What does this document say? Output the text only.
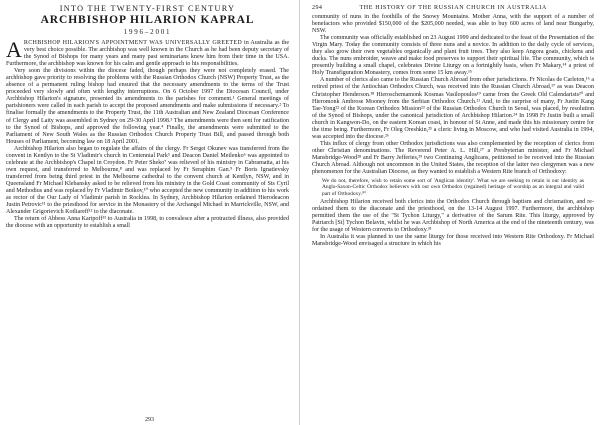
INTO THE TWENTY-FIRST CENTURY
ARCHBISHOP HILARION KAPRAL
1996–2001

ARCHBISHOP HILARION'S APPOINTMENT WAS UNIVERSALLY GREETED in Australia as the very best choice possible. The archbishop was well known in the Church as he had been deputy secretary of the Synod of Bishops for many years and many past seminarians knew him from their time in the USA. Furthermore, the archbishop was known for his calm and gentle approach to his responsibilities.

Very soon the divisions within the diocese faded, though perhaps they were not completely erased. The archbishop gave priority to resolving the problems with the Russian Orthodox Church (NSW) Property Trust, as the absence of a permanent ruling bishop had ensured that the necessary amendments to the terms of the Trust proceeded very slowly and often with lengthy interruptions. On 6 October 1997 the Diocesan Council, under Archbishop Hilarion's signature, presented its amendments to the parishes for comment.¹ General meetings of parishioners were called in each parish to accept the proposed amendments and make submissions if necessary.² To finalise formally the amendments to the Property Trust, the 11th Australian and New Zealand Diocesan Conference of Clergy and Laity was assembled in Sydney on 29-30 April 1998.³ The amendments were then sent for ratification to the Synod of Bishops, and approved the following year.⁴ Finally, the amendments were submitted to the Parliament of New South Wales as the Russian Orthodox Church Property Trust Bill, and passed through both Houses of Parliament, becoming law on 18 April 2001.

Archbishop Hilarion also began to regulate the affairs of the clergy. Fr Sergei Okunev was transferred from the convent in Kentlyn to the St Vladimir's church in Centennial Park⁵ and Deacon Daniel Metlenko⁶ was appointed to celebrate at the Archbishop's Chapel in Croydon. Fr Peter Sheko⁷ was relieved of his ministry in Cabramatta, at his own request, and transferred to Melbourne,⁸ and was replaced by Fr Seraphim Gan.⁹ Fr Boris Ignatievsky transferred from being third priest in the Melbourne cathedral to the convent church at Kentlyn, NSW, and in Queensland Fr Michael Klebansky asked to be relieved from his ministry in the Gold Coast community of Sts Cyril and Methodius and was replaced by Fr Vladimir Boikov,¹⁰ who accepted the new community in addition to his work as rector of the Our Lady of Vladimir parish in Rocklea. In Sydney, Archbishop Hilarion ordained Hierodeacon Justin Petrovic¹¹ to the priesthood for service in the Monastery of the Archangel Michael in Marrickville, NSW, and Alexander Grigorievich Kotliareff¹² to the diaconate.

The return of Abbess Anna Karipoff¹³ to Australia in 1998, to convalesce after a protracted illness, also provided the diocese with an opportunity to establish a small

293
294	THE HISTORY OF THE RUSSIAN CHURCH IN AUSTRALIA

community of nuns in the foothills of the Snowy Mountains. Mother Anna, with the support of a number of benefactors who provided $150,000 of the $205,000 needed, was able to buy 600 acres of land near Bungarby, NSW.

The community was officially established on 23 August 1999 and dedicated to the feast of the Presentation of the Virgin Mary. Today the community consists of three nuns and a novice. In addition to the daily cycle of services, they also grow their own vegetables organically and plant fruit trees. They also keep Angora goats, chickens and ducks. The nuns embroider, weave and make food preserves to support their spiritual life. The community, which is presently building a small chapel, celebrates Divine Liturgy on a fortnightly basis, when Fr Makary,¹⁴ a priest of Holy Transfiguration Monastery, comes from some 15 km away.¹⁵

A number of clerics also came to the Russian Church Abroad from other jurisdictions. Fr Nicolas de Carleton,¹⁶ a retired priest of the Antiochian Orthodox Church, was received into the Russian Church Abroad,¹⁷ as was Deacon Christopher Henderson.¹⁸ Hieroschemamonk Kosmas Vasilopoulos¹⁹ came from the Greek Old Calendarists²⁰ and Hieromonk Ambrose Mooney from the Serbian Orthodox Church.²¹ And, to the surprise of many, Fr Justin Kang Tae-Yong²² of the Korean Orthodox Mission²³ of the Russian Orthodox Church in Seoul, was placed, by resolution of the Synod of Bishops, under the canonical jurisdiction of Archbishop Hilarion.²⁴ In 1998 Fr Justin built a small church in Kangwon-Do, on the eastern Korean coast, in honour of St Anne, and made this his missionary centre for the time being. Furthermore, Fr Oleg Oreshkin,²⁵ a cleric living in Moscow, and who had visited Australia in 1994, was accepted into the diocese.²⁶

This influx of clergy from other Orthodox jurisdictions was also complemented by the reception of clerics from other Christian denominations. The Reverend Peter A. L. Hill,²⁷ a Presbyterian minister, and Fr Michael Mansbridge-Wood²⁸ and Fr Barry Jefferies,²⁹ two Continuing Anglicans, petitioned to be received into the Russian Church Abroad. Although not uncommon in the United States, the reception of the latter two clergymen was a new phenomenon for the Australian Diocese, as they wanted to establish a Western Rite branch of Orthodoxy:

We do not, therefore, wish to retain some sort of 'Anglican identity'. What we are seeking to retain is our identity as Anglo-Saxon-Celtic Orthodox believers with our own Orthodox (regained) heritage of worship as an integral and valid part of Orthodoxy.³⁰

Archbishop Hilarion received both clerics into the Orthodox Church through baptism and chrismation, and re-ordained them to the diaconate and the priesthood, on the 13-14 August 1997. Furthermore, the archbishop permitted them the use of the "St Tychon Liturgy," a derivative of the Sarum Rite. This liturgy, approved by Patriarch [St] Tychon Belavin, whilst he was Archbishop of North America at the end of the nineteenth century, was for the usage of Western converts to Orthodoxy.³¹

In Australia it was planned to use the same liturgy for those received into Western Rite Orthodoxy. Fr Michael Mansbridge-Wood envisaged a structure in which his
